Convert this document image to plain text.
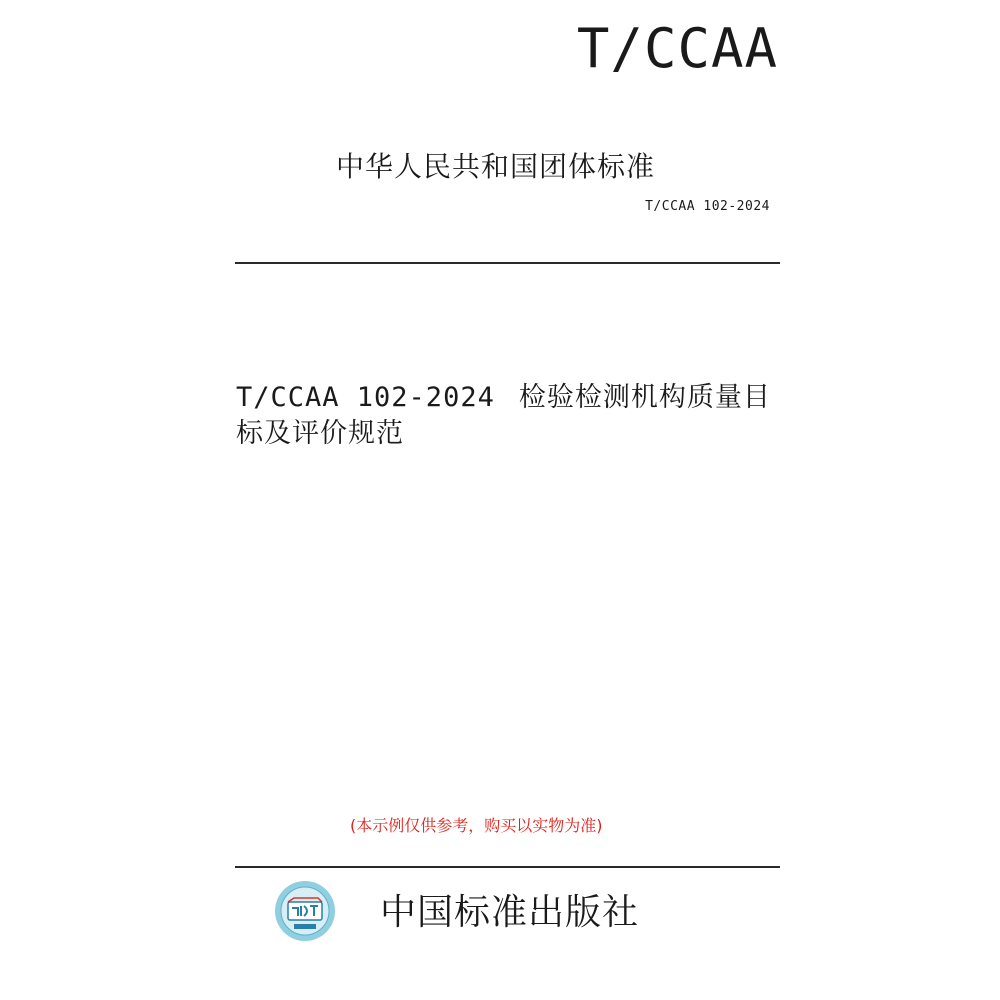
T/CCAA
中华人民共和国团体标准
T/CCAA 102-2024
T/CCAA 102-2024 检验检测机构质量目标及评价规范
(本示例仅供参考，购买以实物为准)
中国标准出版社
